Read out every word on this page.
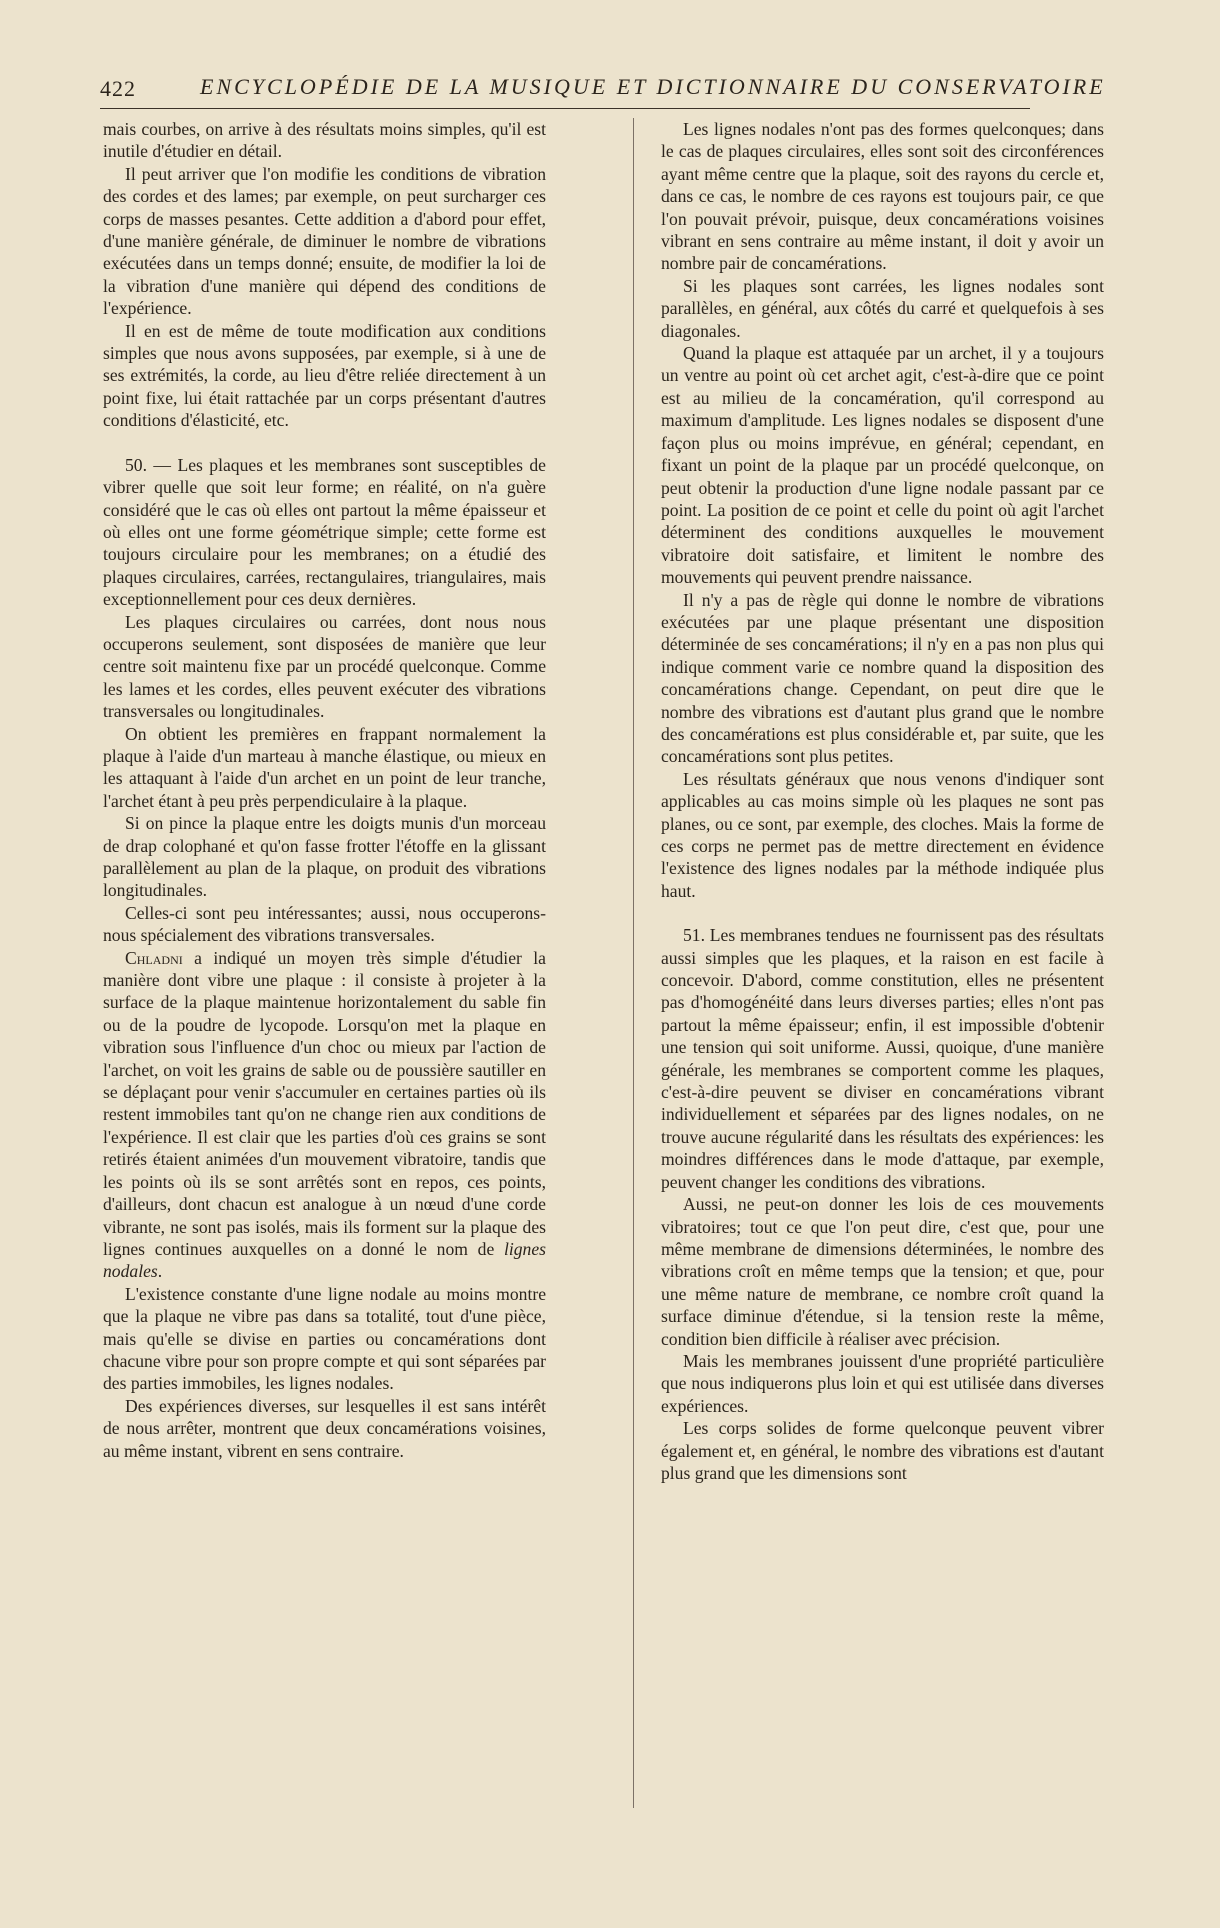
422	ENCYCLOPÉDIE DE LA MUSIQUE ET DICTIONNAIRE DU CONSERVATOIRE

mais courbes, on arrive à des résultats moins simples, qu'il est inutile d'étudier en détail.

Il peut arriver que l'on modifie les conditions de vibration des cordes et des lames; par exemple, on peut surcharger ces corps de masses pesantes. Cette addition a d'abord pour effet, d'une manière générale, de diminuer le nombre de vibrations exécutées dans un temps donné; ensuite, de modifier la loi de la vibration d'une manière qui dépend des conditions de l'expérience.

Il en est de même de toute modification aux conditions simples que nous avons supposées, par exemple, si à une de ses extrémités, la corde, au lieu d'être reliée directement à un point fixe, lui était rattachée par un corps présentant d'autres conditions d'élasticité, etc.

50. — Les plaques et les membranes sont susceptibles de vibrer quelle que soit leur forme; en réalité, on n'a guère considéré que le cas où elles ont partout la même épaisseur et où elles ont une forme géométrique simple; cette forme est toujours circulaire pour les membranes; on a étudié des plaques circulaires, carrées, rectangulaires, triangulaires, mais exceptionnellement pour ces deux dernières.

Les plaques circulaires ou carrées, dont nous nous occuperons seulement, sont disposées de manière que leur centre soit maintenu fixe par un procédé quelconque. Comme les lames et les cordes, elles peuvent exécuter des vibrations transversales ou longitudinales.

On obtient les premières en frappant normalement la plaque à l'aide d'un marteau à manche élastique, ou mieux en les attaquant à l'aide d'un archet en un point de leur tranche, l'archet étant à peu près perpendiculaire à la plaque.

Si on pince la plaque entre les doigts munis d'un morceau de drap colophané et qu'on fasse frotter l'étoffe en la glissant parallèlement au plan de la plaque, on produit des vibrations longitudinales.

Celles-ci sont peu intéressantes; aussi, nous occuperons-nous spécialement des vibrations transversales.

Chladni a indiqué un moyen très simple d'étudier la manière dont vibre une plaque : il consiste à projeter à la surface de la plaque maintenue horizontalement du sable fin ou de la poudre de lycopode. Lorsqu'on met la plaque en vibration sous l'influence d'un choc ou mieux par l'action de l'archet, on voit les grains de sable ou de poussière sautiller en se déplaçant pour venir s'accumuler en certaines parties où ils restent immobiles tant qu'on ne change rien aux conditions de l'expérience. Il est clair que les parties d'où ces grains se sont retirés étaient animées d'un mouvement vibratoire, tandis que les points où ils se sont arrêtés sont en repos, ces points, d'ailleurs, dont chacun est analogue à un nœud d'une corde vibrante, ne sont pas isolés, mais ils forment sur la plaque des lignes continues auxquelles on a donné le nom de lignes nodales.

L'existence constante d'une ligne nodale au moins montre que la plaque ne vibre pas dans sa totalité, tout d'une pièce, mais qu'elle se divise en parties ou concamérations dont chacune vibre pour son propre compte et qui sont séparées par des parties immobiles, les lignes nodales.

Des expériences diverses, sur lesquelles il est sans intérêt de nous arrêter, montrent que deux concamérations voisines, au même instant, vibrent en sens contraire.

Les lignes nodales n'ont pas des formes quelconques; dans le cas de plaques circulaires, elles sont soit des circonférences ayant même centre que la plaque, soit des rayons du cercle et, dans ce cas, le nombre de ces rayons est toujours pair, ce que l'on pouvait prévoir, puisque, deux concamérations voisines vibrant en sens contraire au même instant, il doit y avoir un nombre pair de concamérations.

Si les plaques sont carrées, les lignes nodales sont parallèles, en général, aux côtés du carré et quelquefois à ses diagonales.

Quand la plaque est attaquée par un archet, il y a toujours un ventre au point où cet archet agit, c'est-à-dire que ce point est au milieu de la concamération, qu'il correspond au maximum d'amplitude. Les lignes nodales se disposent d'une façon plus ou moins imprévue, en général; cependant, en fixant un point de la plaque par un procédé quelconque, on peut obtenir la production d'une ligne nodale passant par ce point. La position de ce point et celle du point où agit l'archet déterminent des conditions auxquelles le mouvement vibratoire doit satisfaire, et limitent le nombre des mouvements qui peuvent prendre naissance.

Il n'y a pas de règle qui donne le nombre de vibrations exécutées par une plaque présentant une disposition déterminée de ses concamérations; il n'y en a pas non plus qui indique comment varie ce nombre quand la disposition des concamérations change. Cependant, on peut dire que le nombre des vibrations est d'autant plus grand que le nombre des concamérations est plus considérable et, par suite, que les concamérations sont plus petites.

Les résultats généraux que nous venons d'indiquer sont applicables au cas moins simple où les plaques ne sont pas planes, ou ce sont, par exemple, des cloches. Mais la forme de ces corps ne permet pas de mettre directement en évidence l'existence des lignes nodales par la méthode indiquée plus haut.

51. Les membranes tendues ne fournissent pas des résultats aussi simples que les plaques, et la raison en est facile à concevoir. D'abord, comme constitution, elles ne présentent pas d'homogénéité dans leurs diverses parties; elles n'ont pas partout la même épaisseur; enfin, il est impossible d'obtenir une tension qui soit uniforme. Aussi, quoique, d'une manière générale, les membranes se comportent comme les plaques, c'est-à-dire peuvent se diviser en concamérations vibrant individuellement et séparées par des lignes nodales, on ne trouve aucune régularité dans les résultats des expériences: les moindres différences dans le mode d'attaque, par exemple, peuvent changer les conditions des vibrations.

Aussi, ne peut-on donner les lois de ces mouvements vibratoires; tout ce que l'on peut dire, c'est que, pour une même membrane de dimensions déterminées, le nombre des vibrations croît en même temps que la tension; et que, pour une même nature de membrane, ce nombre croît quand la surface diminue d'étendue, si la tension reste la même, condition bien difficile à réaliser avec précision.

Mais les membranes jouissent d'une propriété particulière que nous indiquerons plus loin et qui est utilisée dans diverses expériences.

Les corps solides de forme quelconque peuvent vibrer également et, en général, le nombre des vibrations est d'autant plus grand que les dimensions sont
